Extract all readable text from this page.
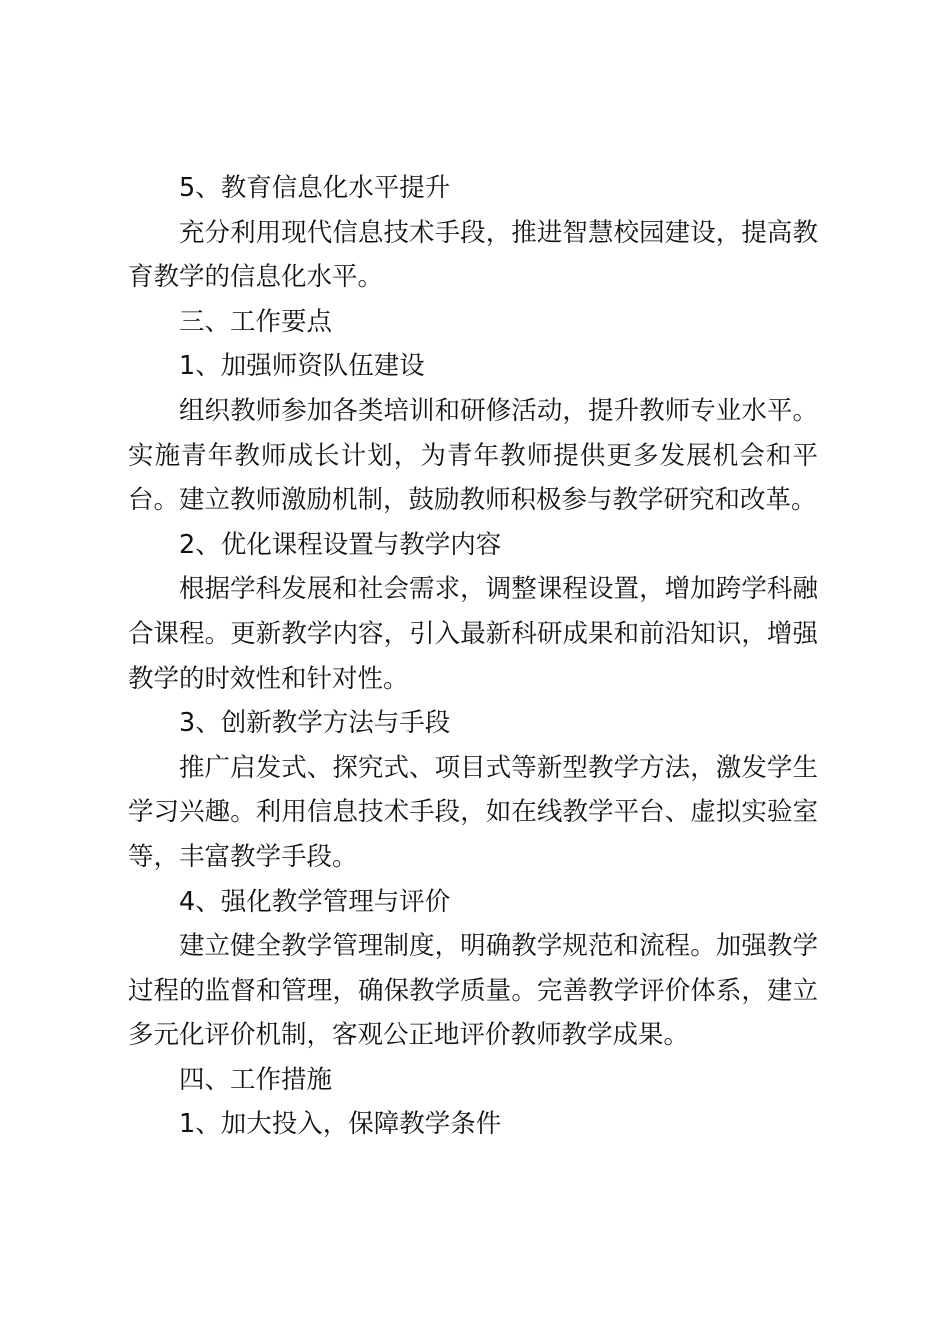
5、教育信息化水平提升

充分利用现代信息技术手段，推进智慧校园建设，提高教育教学的信息化水平。

三、工作要点

1、加强师资队伍建设

组织教师参加各类培训和研修活动，提升教师专业水平。实施青年教师成长计划，为青年教师提供更多发展机会和平台。建立教师激励机制，鼓励教师积极参与教学研究和改革。

2、优化课程设置与教学内容

根据学科发展和社会需求，调整课程设置，增加跨学科融合课程。更新教学内容，引入最新科研成果和前沿知识，增强教学的时效性和针对性。

3、创新教学方法与手段

推广启发式、探究式、项目式等新型教学方法，激发学生学习兴趣。利用信息技术手段，如在线教学平台、虚拟实验室等，丰富教学手段。

4、强化教学管理与评价

建立健全教学管理制度，明确教学规范和流程。加强教学过程的监督和管理，确保教学质量。完善教学评价体系，建立多元化评价机制，客观公正地评价教师教学成果。

四、工作措施

1、加大投入，保障教学条件
